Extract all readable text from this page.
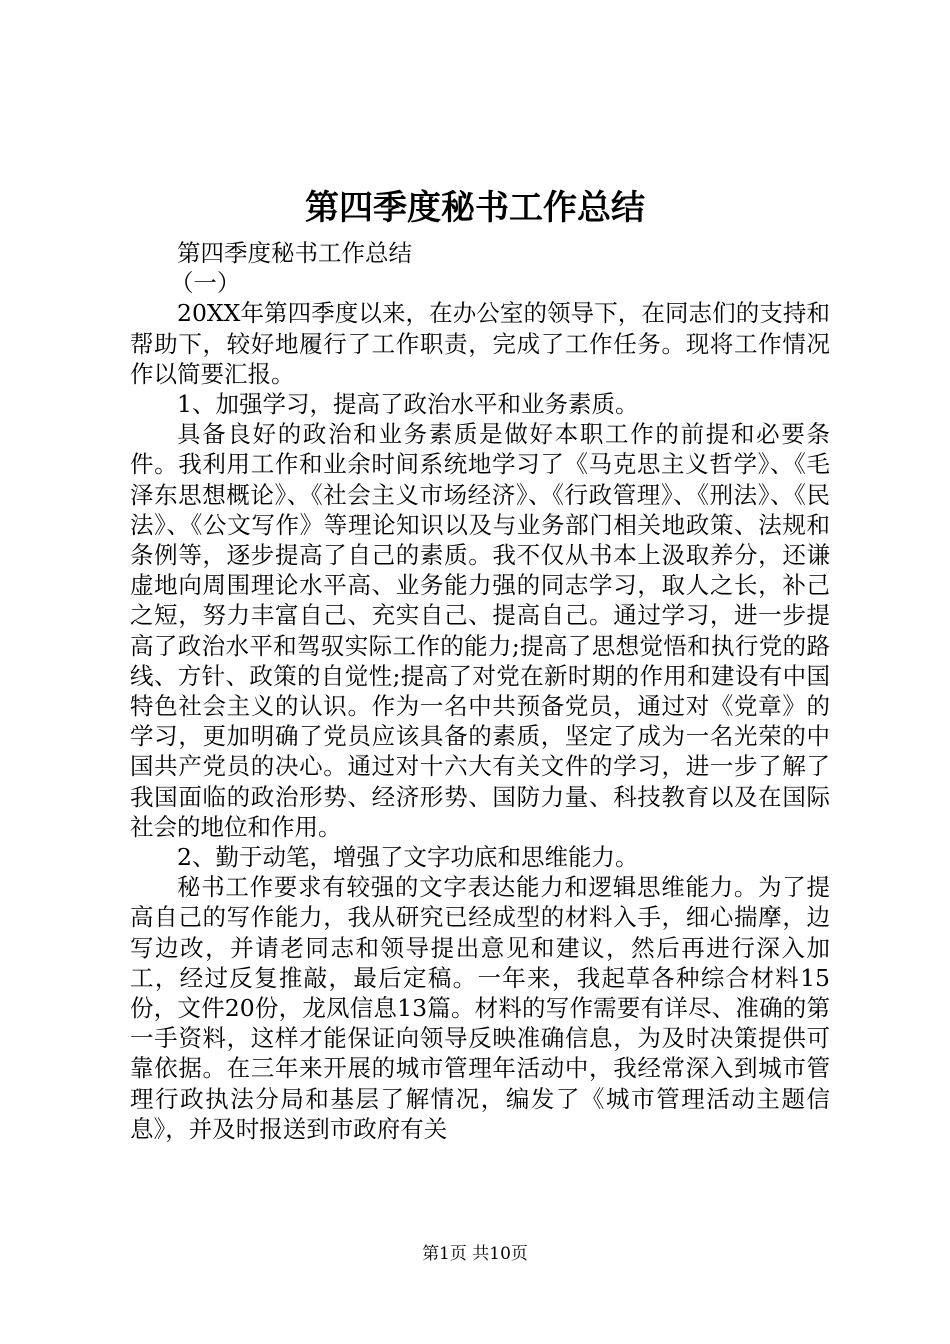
第四季度秘书工作总结

第四季度秘书工作总结

（一）

20XX年第四季度以来，在办公室的领导下，在同志们的支持和帮助下，较好地履行了工作职责，完成了工作任务。现将工作情况作以简要汇报。

1、加强学习，提高了政治水平和业务素质。

具备良好的政治和业务素质是做好本职工作的前提和必要条件。我利用工作和业余时间系统地学习了《马克思主义哲学》、《毛泽东思想概论》、《社会主义市场经济》、《行政管理》、《刑法》、《民法》、《公文写作》等理论知识以及与业务部门相关地政策、法规和条例等，逐步提高了自己的素质。我不仅从书本上汲取养分，还谦虚地向周围理论水平高、业务能力强的同志学习，取人之长，补己之短，努力丰富自己、充实自己、提高自己。通过学习，进一步提高了政治水平和驾驭实际工作的能力;提高了思想觉悟和执行党的路线、方针、政策的自觉性;提高了对党在新时期的作用和建设有中国特色社会主义的认识。作为一名中共预备党员，通过对《党章》的学习，更加明确了党员应该具备的素质，坚定了成为一名光荣的中国共产党员的决心。通过对十六大有关文件的学习，进一步了解了我国面临的政治形势、经济形势、国防力量、科技教育以及在国际社会的地位和作用。

2、勤于动笔，增强了文字功底和思维能力。

秘书工作要求有较强的文字表达能力和逻辑思维能力。为了提高自己的写作能力，我从研究已经成型的材料入手，细心揣摩，边写边改，并请老同志和领导提出意见和建议，然后再进行深入加工，经过反复推敲，最后定稿。一年来，我起草各种综合材料15份，文件20份，龙凤信息13篇。材料的写作需要有详尽、准确的第一手资料，这样才能保证向领导反映准确信息，为及时决策提供可靠依据。在三年来开展的城市管理年活动中，我经常深入到城市管理行政执法分局和基层了解情况，编发了《城市管理活动主题信息》，并及时报送到市政府有关

第1页 共10页
